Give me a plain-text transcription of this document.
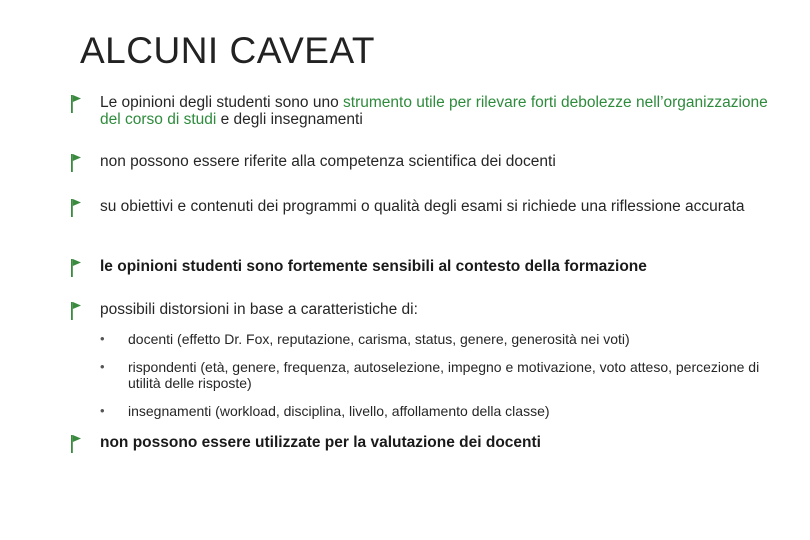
ALCUNI CAVEAT
Le opinioni degli studenti sono uno strumento utile per rilevare forti debolezze nell’organizzazione del corso di studi e degli insegnamenti
non possono essere riferite alla competenza scientifica dei docenti
su obiettivi e contenuti dei programmi o qualità degli esami si richiede una riflessione accurata
le opinioni studenti sono fortemente sensibili al contesto della formazione
possibili distorsioni in base a caratteristiche di:
• docenti (effetto Dr. Fox, reputazione, carisma, status, genere, generosità nei voti)
• rispondenti (età, genere, frequenza, autoselezione, impegno e motivazione, voto atteso, percezione di utilità delle risposte)
• insegnamenti (workload, disciplina, livello, affollamento della classe)
non possono essere utilizzate per la valutazione dei docenti
